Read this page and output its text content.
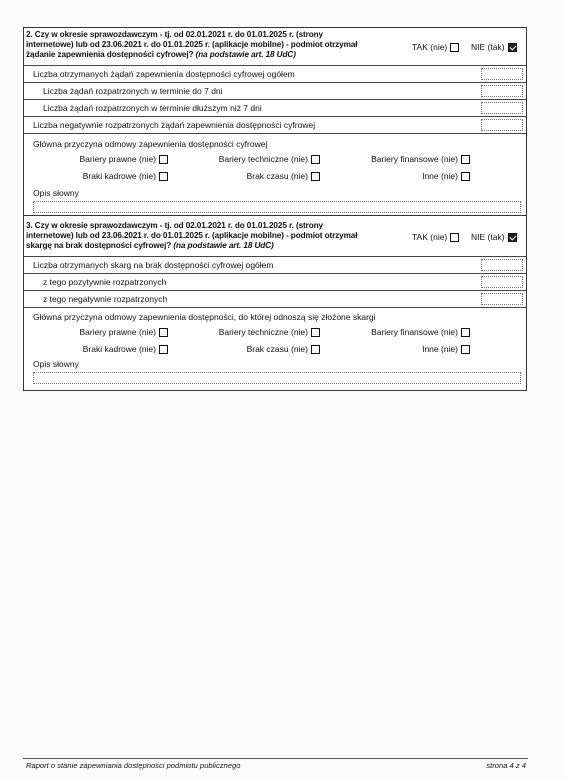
2. Czy w okresie sprawozdawczym - tj. od 02.01.2021 r. do 01.01.2025 r. (strony
internetowe) lub od 23.06.2021 r. do 01.01.2025 r. (aplikacje mobilne) - podmiot otrzymał
żądanie zapewnienia dostępności cyfrowej? (na podstawie art. 18 UdC)
TAK (nie)	NIE (tak)
Liczba otrzymanych żądań zapewnienia dostępności cyfrowej ogółem
Liczba żądań rozpatrzonych w terminie do 7 dni
Liczba żądań rozpatrzonych w terminie dłuższym niż 7 dni
Liczba negatywnie rozpatrzonych żądań zapewnienia dostępności cyfrowej
Główna przyczyna odmowy zapewnienia dostępności cyfrowej
Bariery prawne (nie)	Bariery techniczne (nie)	Bariery finansowe (nie)
Braki kadrowe (nie)	Brak czasu (nie)	Inne (nie)
Opis słowny
3. Czy w okresie sprawozdawczym - tj. od 02.01.2021 r. do 01.01.2025 r. (strony
internetowe) lub od 23.06.2021 r. do 01.01.2025 r. (aplikacje mobilne) - podmiot otrzymał
skargę na brak dostępności cyfrowej? (na podstawie art. 18 UdC)
TAK (nie)	NIE (tak)
Liczba otrzymanych skarg na brak dostępności cyfrowej ogółem
z tego pozytywnie rozpatrzonych
z tego negatywnie rozpatrzonych
Główna przyczyna odmowy zapewnienia dostępności, do której odnoszą się złożone skargi
Bariery prawne (nie)	Bariery techniczne (nie)	Bariery finansowe (nie)
Braki kadrowe (nie)	Brak czasu (nie)	Inne (nie)
Opis słowny
Raport o stanie zapewniania dostępności podmiotu publicznego	strona 4 z 4
